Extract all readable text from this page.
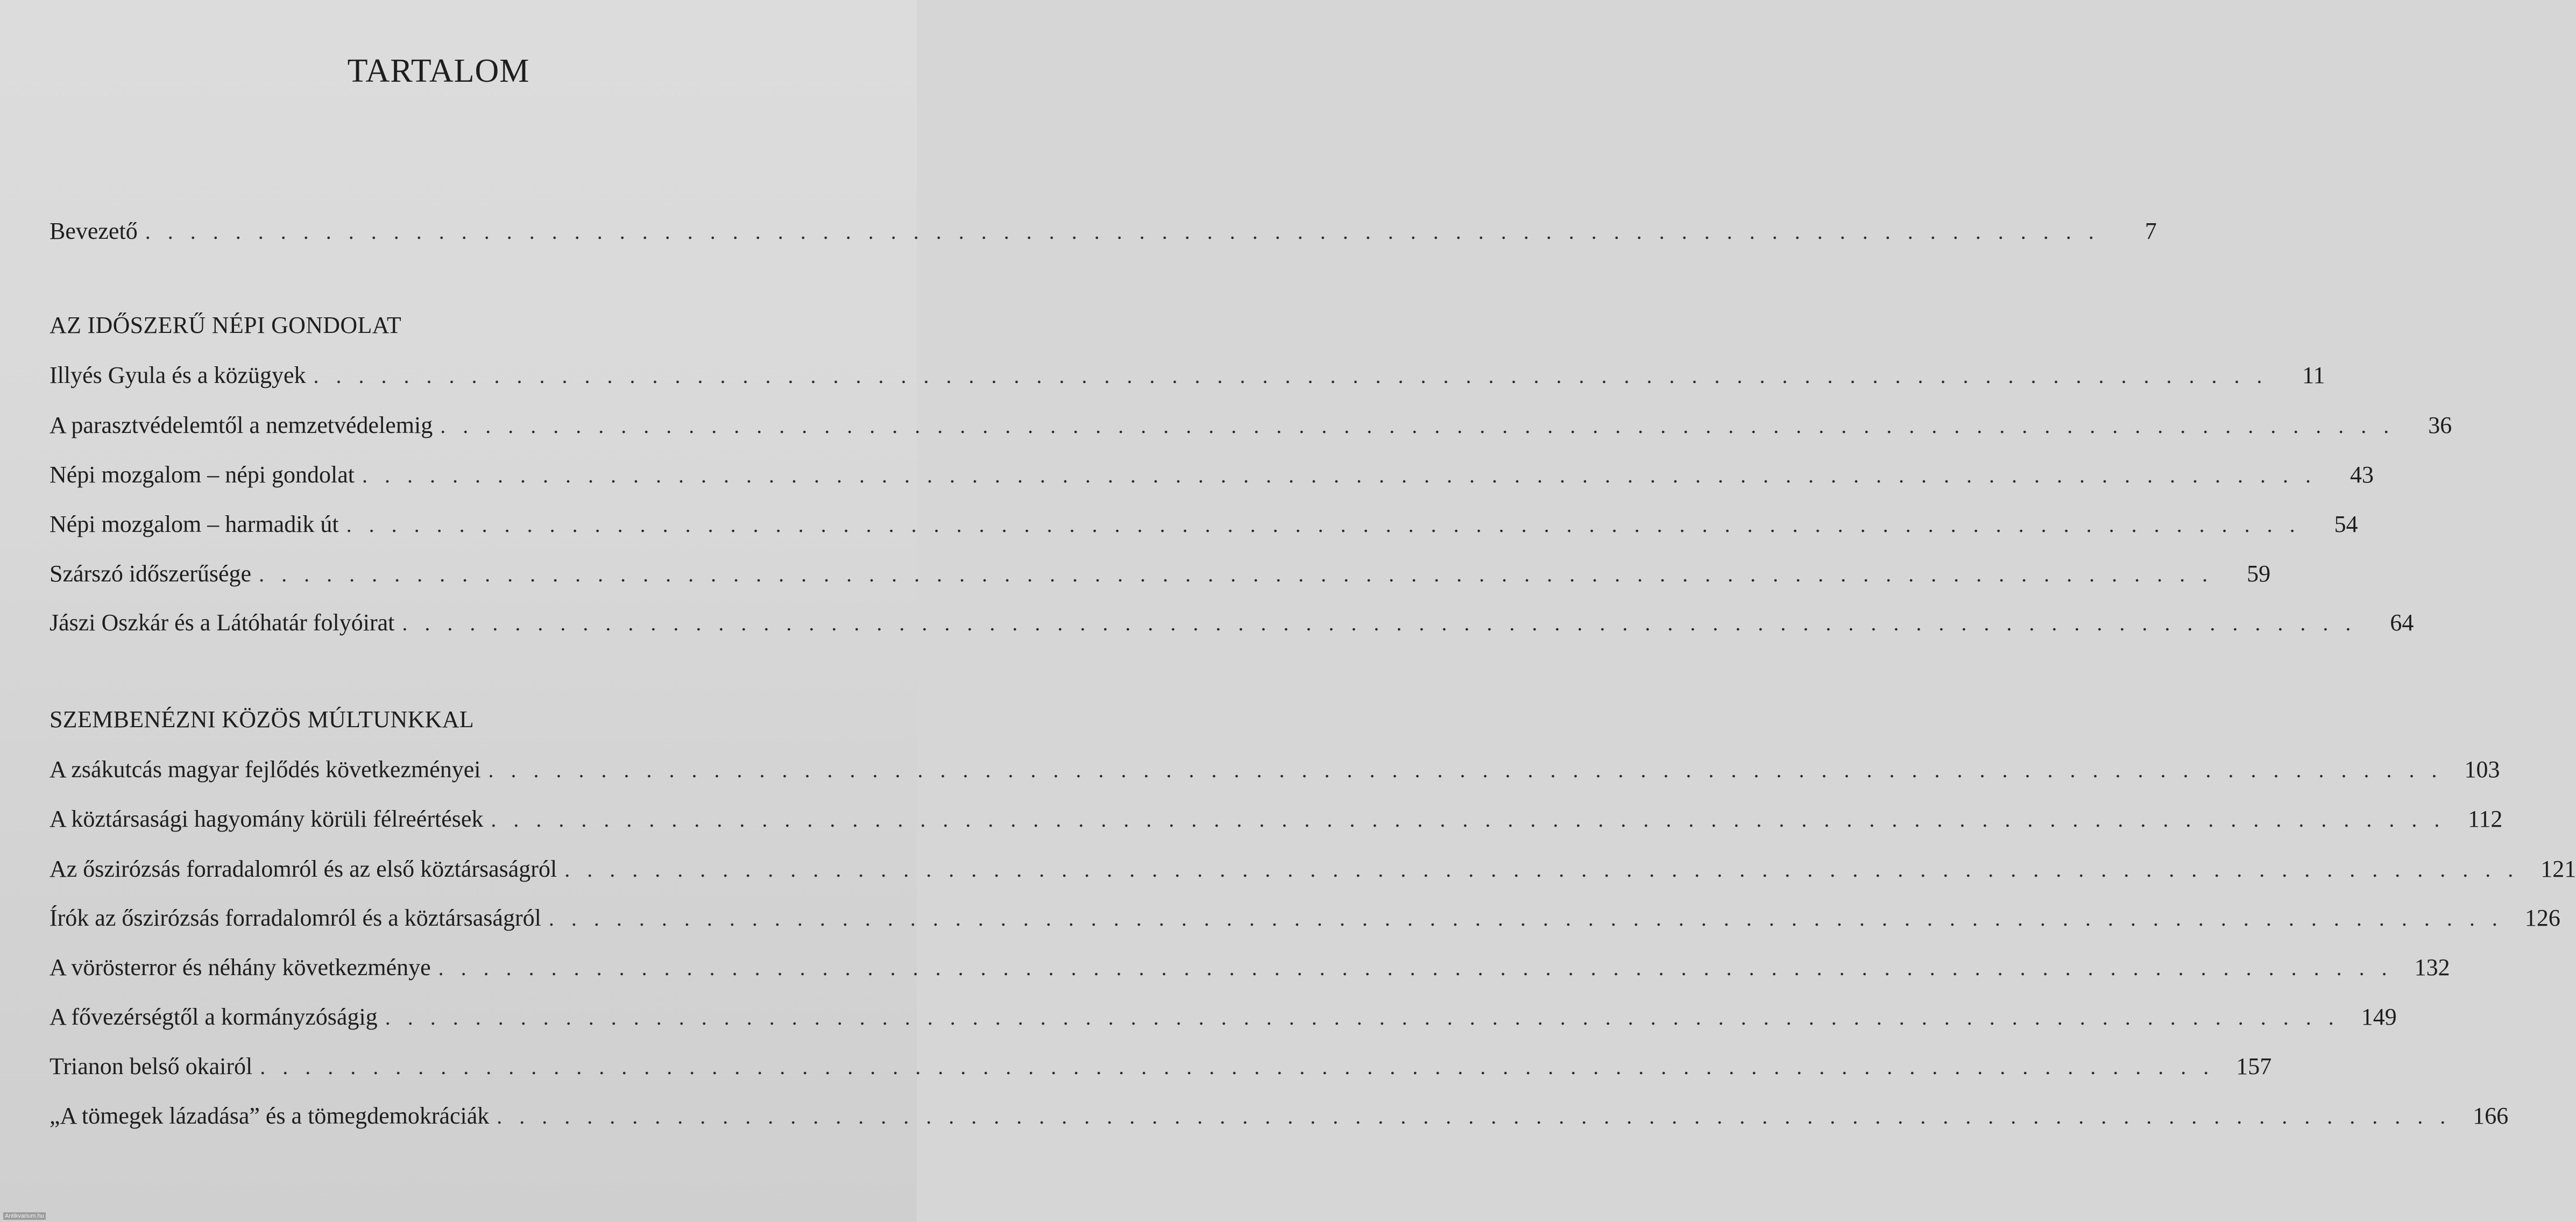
TARTALOM
Bevezető . . . . . . . . . . . . . . . . . . . . . . . . . . . . . . . . . . . . . . . . . . . . . . . . . . . . . . . . . . . . . . . . . . . . . . . . . . . . . . . . . . . . . . .	7
AZ IDŐSZERŰ NÉPI GONDOLAT
Illyés Gyula és a közügyek . . . . . . . . . . . . . . . . . . . . . . . . . . . . . . . . . . . . . . . . . . . . . . . . . . . . . . . . . . . . . . . . . . . . . . . . . . . . . . . . . . . . . . .	11
A parasztvédelemtől a nemzetvédelemig . . . . . . . . . . . . . . . . . . . . . . . . . . . . . . . . . . . . . . . . . . . . . . . . . . . . . . . . . . . . . . . . . . . . . . . . . . . . . . . . . . . . . . .	36
Népi mozgalom – népi gondolat . . . . . . . . . . . . . . . . . . . . . . . . . . . . . . . . . . . . . . . . . . . . . . . . . . . . . . . . . . . . . . . . . . . . . . . . . . . . . . . . . . . . . . .	43
Népi mozgalom – harmadik út . . . . . . . . . . . . . . . . . . . . . . . . . . . . . . . . . . . . . . . . . . . . . . . . . . . . . . . . . . . . . . . . . . . . . . . . . . . . . . . . . . . . . . .	54
Szárszó időszerűsége . . . . . . . . . . . . . . . . . . . . . . . . . . . . . . . . . . . . . . . . . . . . . . . . . . . . . . . . . . . . . . . . . . . . . . . . . . . . . . . . . . . . . . .	59
Jászi Oszkár és a Látóhatár folyóirat . . . . . . . . . . . . . . . . . . . . . . . . . . . . . . . . . . . . . . . . . . . . . . . . . . . . . . . . . . . . . . . . . . . . . . . . . . . . . . . . . . . . . . .	64
SZEMBENÉZNI KÖZÖS MÚLTUNKKAL
A zsákutcás magyar fejlődés következményei . . . . . . . . . . . . . . . . . . . . . . . . . . . . . . . . . . . . . . . . . . . . . . . . . . . . . . . . . . . . . . . . . . . . . . . . . . . . . . . . . . . . . . . 103
A köztársasági hagyomány körüli félreértések . . . . . . . . . . . . . . . . . . . . . . . . . . . . . . . . . . . . . . . . . . . . . . . . . . . . . . . . . . . . . . . . . . . . . . . . . . . . . . . . . . . . . . . 112
Az őszirózsás forradalomról és az első köztársaságról . . . . . . . . . . . . . . . . . . . . . . . . . . . . . . . . . . . . . . . . . . . . . . . . . . . . . . . . . . . . . . . . . . . . . . . . . . . . . . . . . . . . . . . 121
Írók az őszirózsás forradalomról és a köztársaságról . . . . . . . . . . . . . . . . . . . . . . . . . . . . . . . . . . . . . . . . . . . . . . . . . . . . . . . . . . . . . . . . . . . . . . . . . . . . . . . . . . . . . . . 126
A vörösterror és néhány következménye . . . . . . . . . . . . . . . . . . . . . . . . . . . . . . . . . . . . . . . . . . . . . . . . . . . . . . . . . . . . . . . . . . . . . . . . . . . . . . . . . . . . . . . 132
A fővezérségtől a kormányzóságig . . . . . . . . . . . . . . . . . . . . . . . . . . . . . . . . . . . . . . . . . . . . . . . . . . . . . . . . . . . . . . . . . . . . . . . . . . . . . . . . . . . . . . . 149
Trianon belső okairól . . . . . . . . . . . . . . . . . . . . . . . . . . . . . . . . . . . . . . . . . . . . . . . . . . . . . . . . . . . . . . . . . . . . . . . . . . . . . . . . . . . . . . . 157
„A tömegek lázadása” és a tömegdemokráciák . . . . . . . . . . . . . . . . . . . . . . . . . . . . . . . . . . . . . . . . . . . . . . . . . . . . . . . . . . . . . . . . . . . . . . . . . . . . . . . . . . . . . . . 166
Antikvarium.hu
